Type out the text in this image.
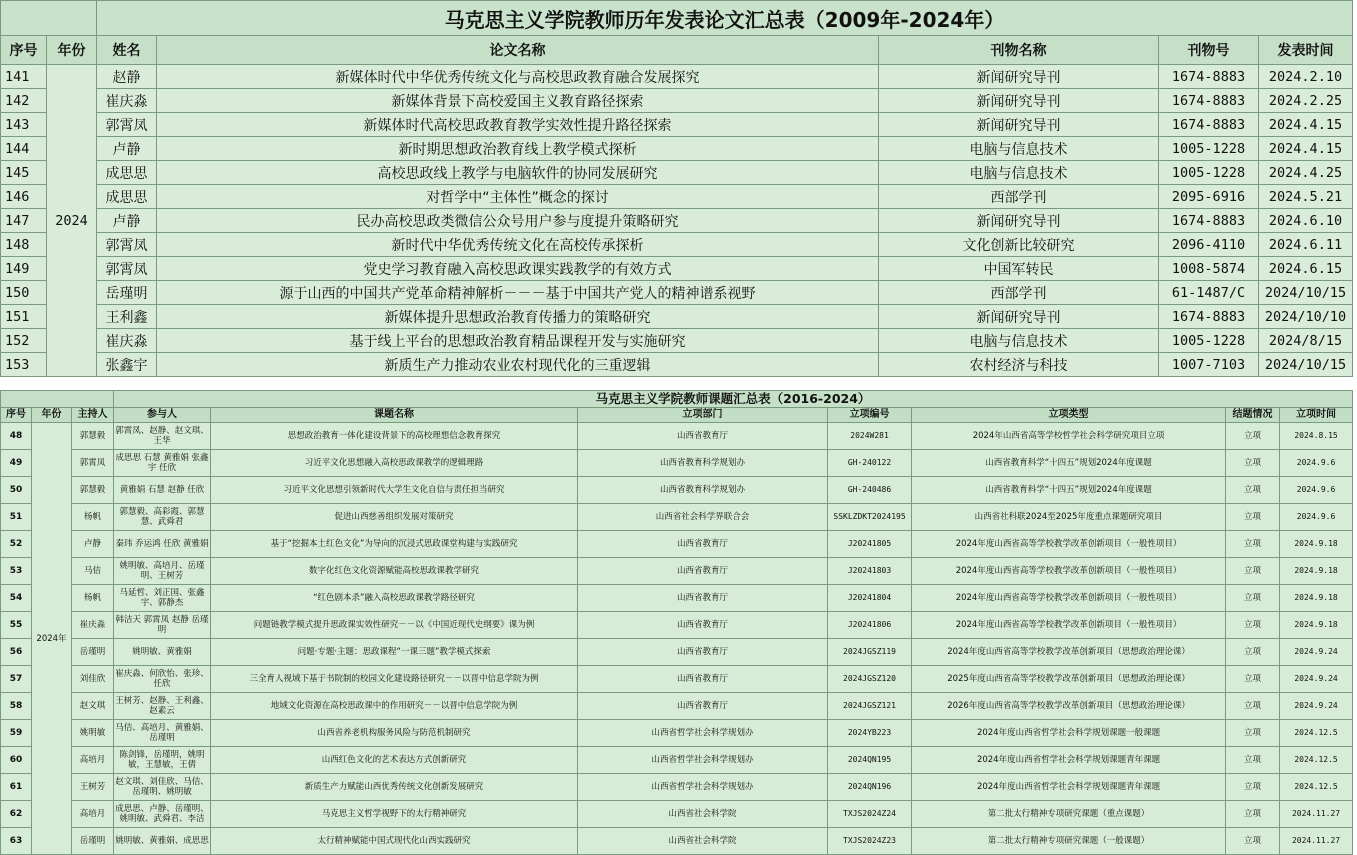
		马克思主义学院教师历年发表论文汇总表（2009年-2024年）				
序号	年份	姓名	论文名称	刊物名称	刊物号	发表时间
141	2024	赵静	新媒体时代中华优秀传统文化与高校思政教育融合发展探究	新闻研究导刊	1674-8883	2024.2.10
142		崔庆淼	新媒体背景下高校爱国主义教育路径探索	新闻研究导刊	1674-8883	2024.2.25
143		郭霄凤	新媒体时代高校思政教育教学实效性提升路径探索	新闻研究导刊	1674-8883	2024.4.15
144		卢静	新时期思想政治教育线上教学模式探析	电脑与信息技术	1005-1228	2024.4.15
145		成思思	高校思政线上教学与电脑软件的协同发展研究	电脑与信息技术	1005-1228	2024.4.25
146		成思思	对哲学中“主体性”概念的探讨	西部学刊	2095-6916	2024.5.21
147		卢静	民办高校思政类微信公众号用户参与度提升策略研究	新闻研究导刊	1674-8883	2024.6.10
148		郭霄凤	新时代中华优秀传统文化在高校传承探析	文化创新比较研究	2096-4110	2024.6.11
149		郭霄凤	党史学习教育融入高校思政课实践教学的有效方式	中国军转民	1008-5874	2024.6.15
150		岳瑾明	源于山西的中国共产党革命精神解析－－－基于中国共产党人的精神谱系视野	西部学刊	61-1487/C	2024/10/15
151		王利鑫	新媒体提升思想政治教育传播力的策略研究	新闻研究导刊	1674-8883	2024/10/10
152		崔庆淼	基于线上平台的思想政治教育精品课程开发与实施研究	电脑与信息技术	1005-1228	2024/8/15
153		张鑫宇	新质生产力推动农业农村现代化的三重逻辑	农村经济与科技	1007-7103	2024/10/15
			马克思主义学院教师课题汇总表（2016-2024）						
序号	年份	主持人	参与人	课题名称	立项部门	立项编号	立项类型	结题情况	立项时间
48	2024年	郭慧毅	郭霄凤、赵静、赵文琪、王华	思想政治教育一体化建设背景下的高校理想信念教育探究	山西省教育厅	2024W281	2024年山西省高等学校哲学社会科学研究项目立项	立项	2024.8.15
49		郭霄凤	成思思 石慧 黄雅娟 张鑫宇 任欣	习近平文化思想融入高校思政课教学的逻辑理路	山西省教育科学规划办	GH-240122	山西省教育科学“十四五”规划2024年度课题	立项	2024.9.6
50		郭慧毅	黄雅娟 石慧 赵静 任欣	习近平文化思想引领新时代大学生文化自信与责任担当研究	山西省教育科学规划办	GH-240486	山西省教育科学“十四五”规划2024年度课题	立项	2024.9.6
51		杨帆	郭慧毅、高彩霞、郭慧慧、武舜君	促进山西慈善组织发展对策研究	山西省社会科学界联合会	SSKLZDKT2024195	山西省社科联2024至2025年度重点课题研究项目	立项	2024.9.6
52		卢静	秦玮 乔运鸿 任欣 黄雅娟	基于“挖掘本土红色文化”为导向的沉浸式思政课堂构建与实践研究	山西省教育厅	J20241805	2024年度山西省高等学校教学改革创新项目（一般性项目）	立项	2024.9.18
53		马佶	姚明敏、高培月、岳瑾明、王树芳	数字化红色文化资源赋能高校思政课教学研究	山西省教育厅	J20241803	2024年度山西省高等学校教学改革创新项目（一般性项目）	立项	2024.9.18
54		杨帆	马延哲、刘正国、张鑫宇、郭静杰	“红色剧本杀”融入高校思政课教学路径研究	山西省教育厅	J20241804	2024年度山西省高等学校教学改革创新项目（一般性项目）	立项	2024.9.18
55		崔庆淼	韩洁天 郭霄凤 赵静 岳瑾明	问题链教学模式提升思政课实效性研究－－以《中国近现代史纲要》课为例	山西省教育厅	J20241806	2024年度山西省高等学校教学改革创新项目（一般性项目）	立项	2024.9.18
56		岳瑾明	姚明敏、黄雅娟	问题·专题·主题：思政课程“一课三题”教学模式探索	山西省教育厅	2024JGSZ119	2024年度山西省高等学校教学改革创新项目（思想政治理论课）	立项	2024.9.24
57		刘佳欣	崔庆淼、何欣怡、张珍、任欣	三全育人视域下基于书院制的校园文化建设路径研究－－以晋中信息学院为例	山西省教育厅	2024JGSZ120	2025年度山西省高等学校教学改革创新项目（思想政治理论课）	立项	2024.9.24
58		赵文琪	王树芳、赵静、王利鑫、赵素云	地域文化资源在高校思政课中的作用研究－－以晋中信息学院为例	山西省教育厅	2024JGSZ121	2026年度山西省高等学校教学改革创新项目（思想政治理论课）	立项	2024.9.24
59		姚明敏	马佶、高培月、黄雅娟、岳瑾明	山西省养老机构服务风险与防范机制研究	山西省哲学社会科学规划办	2024YB223	2024年度山西省哲学社会科学规划课题一般课题	立项	2024.12.5
60		高培月	陈剑锋，岳瑾明，姚明敏，王慧敏，王倩	山西红色文化的艺术表达方式创新研究	山西省哲学社会科学规划办	2024QN195	2024年度山西省哲学社会科学规划课题青年课题	立项	2024.12.5
61		王树芳	赵文琪、刘佳欣、马佶、岳瑾明、姚明敏	新质生产力赋能山西优秀传统文化创新发展研究	山西省哲学社会科学规划办	2024QN196	2024年度山西省哲学社会科学规划课题青年课题	立项	2024.12.5
62		高培月	成思思、卢静、岳瑾明、姚明敏、武舜君、李洁	马克思主义哲学视野下的太行精神研究	山西省社会科学院	TXJS2024Z24	第二批太行精神专项研究课题（重点课题）	立项	2024.11.27
63		岳瑾明	姚明敏、黄雅娟、成思思	太行精神赋能中国式现代化山西实践研究	山西省社会科学院	TXJS2024Z23	第二批太行精神专项研究课题（一般课题）	立项	2024.11.27
